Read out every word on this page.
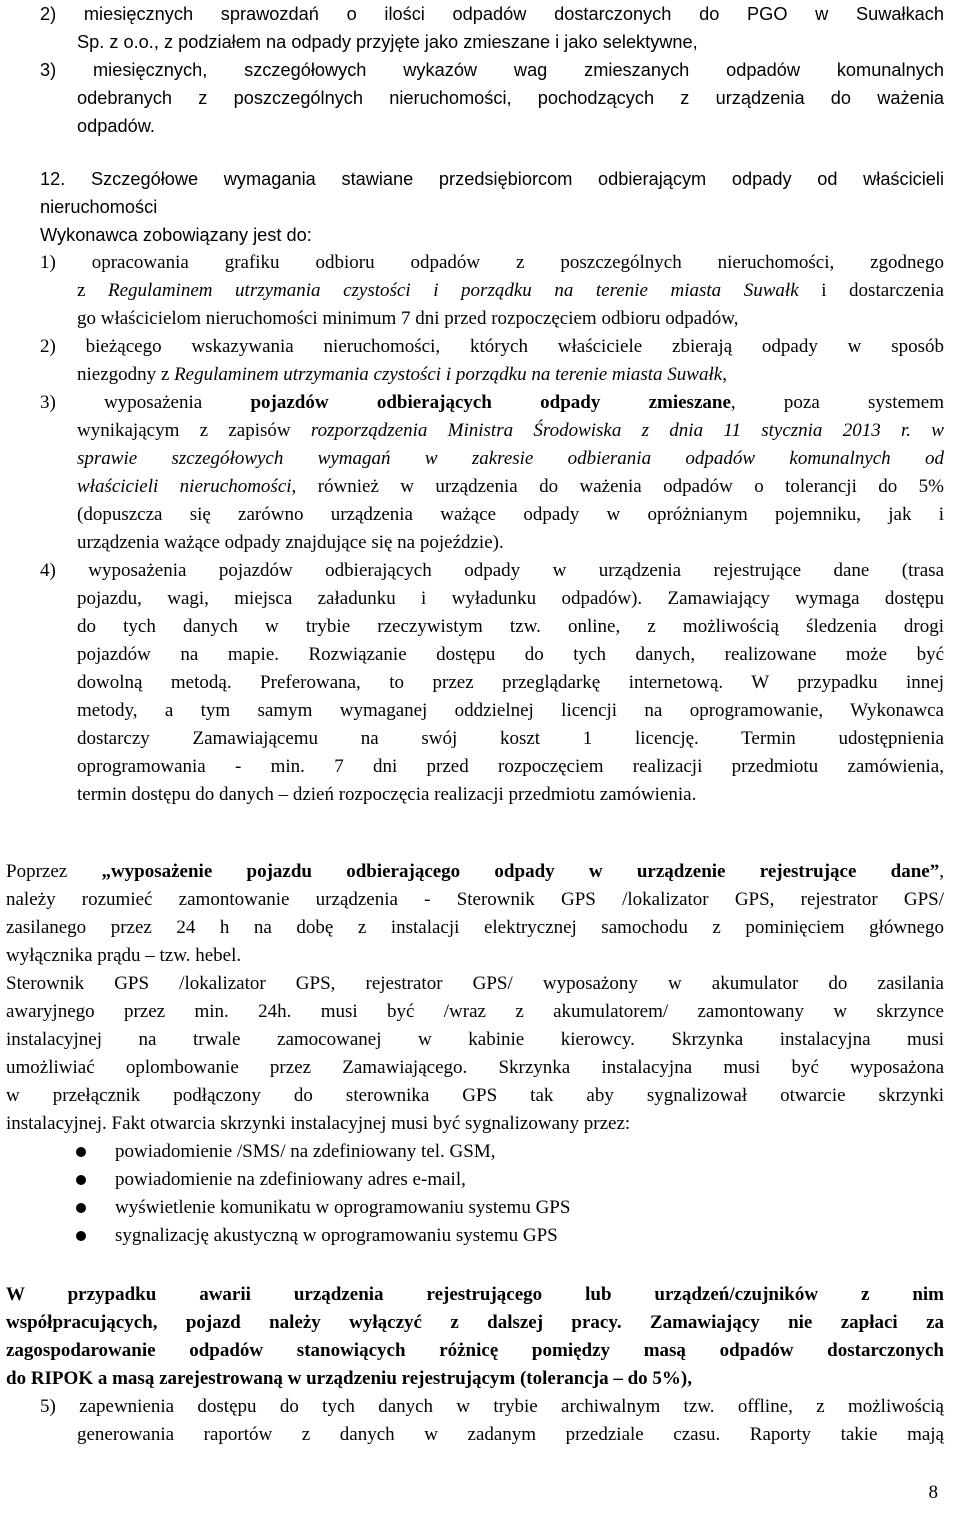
2) miesięcznych sprawozdań o ilości odpadów dostarczonych do PGO w Suwałkach
Sp. z o.o., z podziałem na odpady przyjęte jako zmieszane i jako selektywne,
3) miesięcznych, szczegółowych wykazów wag zmieszanych odpadów komunalnych
odebranych z poszczególnych nieruchomości, pochodzących z urządzenia do ważenia
odpadów.
12. Szczegółowe wymagania stawiane przedsiębiorcom odbierającym odpady od właścicieli
nieruchomości
Wykonawca zobowiązany jest do:
1) opracowania grafiku odbioru odpadów z poszczególnych nieruchomości, zgodnego
z Regulaminem utrzymania czystości i porządku na terenie miasta Suwałk i dostarczenia
go właścicielom nieruchomości minimum 7 dni przed rozpoczęciem odbioru odpadów,
2) bieżącego wskazywania nieruchomości, których właściciele zbierają odpady w sposób
niezgodny z Regulaminem utrzymania czystości i porządku na terenie miasta Suwałk,
3) wyposażenia pojazdów odbierających odpady zmieszane, poza systemem
wynikającym z zapisów rozporządzenia Ministra Środowiska z dnia 11 stycznia 2013 r. w
sprawie szczegółowych wymagań w zakresie odbierania odpadów komunalnych od
właścicieli nieruchomości, również w urządzenia do ważenia odpadów o tolerancji do 5%
(dopuszcza się zarówno urządzenia ważące odpady w opróżnianym pojemniku, jak i
urządzenia ważące odpady znajdujące się na pojeździe).
4) wyposażenia pojazdów odbierających odpady w urządzenia rejestrujące dane (trasa
pojazdu, wagi, miejsca załadunku i wyładunku odpadów). Zamawiający wymaga dostępu
do tych danych w trybie rzeczywistym tzw. online, z możliwością śledzenia drogi
pojazdów na mapie. Rozwiązanie dostępu do tych danych, realizowane może być
dowolną metodą. Preferowana, to przez przeglądarkę internetową. W przypadku innej
metody, a tym samym wymaganej oddzielnej licencji na oprogramowanie, Wykonawca
dostarczy Zamawiającemu na swój koszt 1 licencję. Termin udostępnienia
oprogramowania - min. 7 dni przed rozpoczęciem realizacji przedmiotu zamówienia,
termin dostępu do danych – dzień rozpoczęcia realizacji przedmiotu zamówienia.
Poprzez „wyposażenie pojazdu odbierającego odpady w urządzenie rejestrujące dane”,
należy rozumieć zamontowanie urządzenia - Sterownik GPS /lokalizator GPS, rejestrator GPS/
zasilanego przez 24 h na dobę z instalacji elektrycznej samochodu z pominięciem głównego
wyłącznika prądu – tzw. hebel.
Sterownik GPS /lokalizator GPS, rejestrator GPS/ wyposażony w akumulator do zasilania
awaryjnego przez min. 24h. musi być /wraz z akumulatorem/ zamontowany w skrzynce
instalacyjnej na trwale zamocowanej w kabinie kierowcy. Skrzynka instalacyjna musi
umożliwiać oplombowanie przez Zamawiającego. Skrzynka instalacyjna musi być wyposażona
w przełącznik podłączony do sterownika GPS tak aby sygnalizował otwarcie skrzynki
instalacyjnej. Fakt otwarcia skrzynki instalacyjnej musi być sygnalizowany przez:
powiadomienie /SMS/ na zdefiniowany tel. GSM,
powiadomienie na zdefiniowany adres e-mail,
wyświetlenie komunikatu w oprogramowaniu systemu GPS
sygnalizację akustyczną w oprogramowaniu systemu GPS
W przypadku awarii urządzenia rejestrującego lub urządzeń/czujników z nim
współpracujących, pojazd należy wyłączyć z dalszej pracy. Zamawiający nie zapłaci za
zagospodarowanie odpadów stanowiących różnicę pomiędzy masą odpadów dostarczonych
do RIPOK a masą zarejestrowaną w urządzeniu rejestrującym (tolerancja – do 5%),
5) zapewnienia dostępu do tych danych w trybie archiwalnym tzw. offline, z możliwością
generowania raportów z danych w zadanym przedziale czasu. Raporty takie mają
8
